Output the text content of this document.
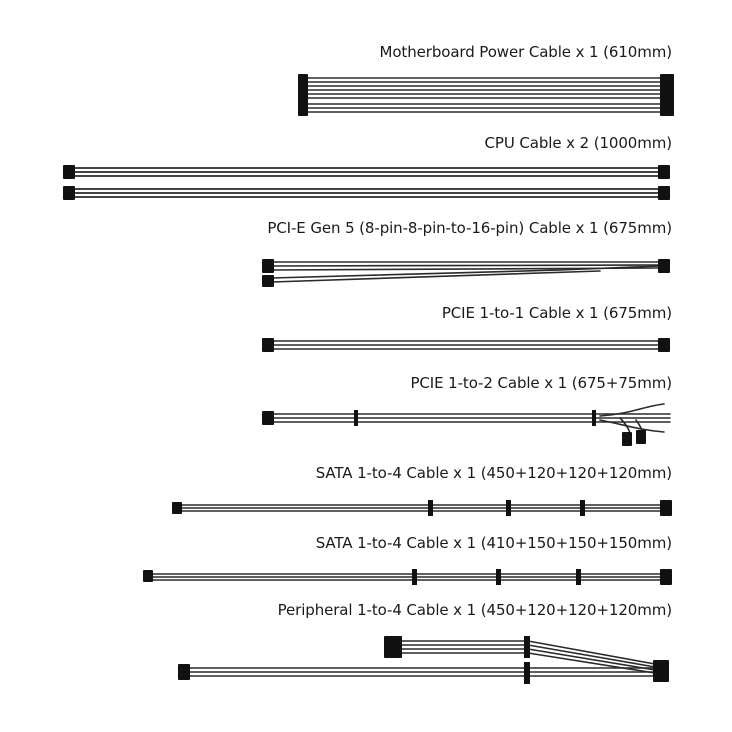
Motherboard Power Cable x 1 (610mm)
CPU Cable x 2 (1000mm)
PCI-E Gen 5 (8-pin-8-pin-to-16-pin) Cable x 1 (675mm)
PCIE 1-to-1 Cable x 1 (675mm)
PCIE 1-to-2 Cable x 1 (675+75mm)
SATA 1-to-4 Cable x 1 (450+120+120+120mm)
SATA 1-to-4 Cable x 1 (410+150+150+150mm)
Peripheral 1-to-4 Cable x 1 (450+120+120+120mm)
